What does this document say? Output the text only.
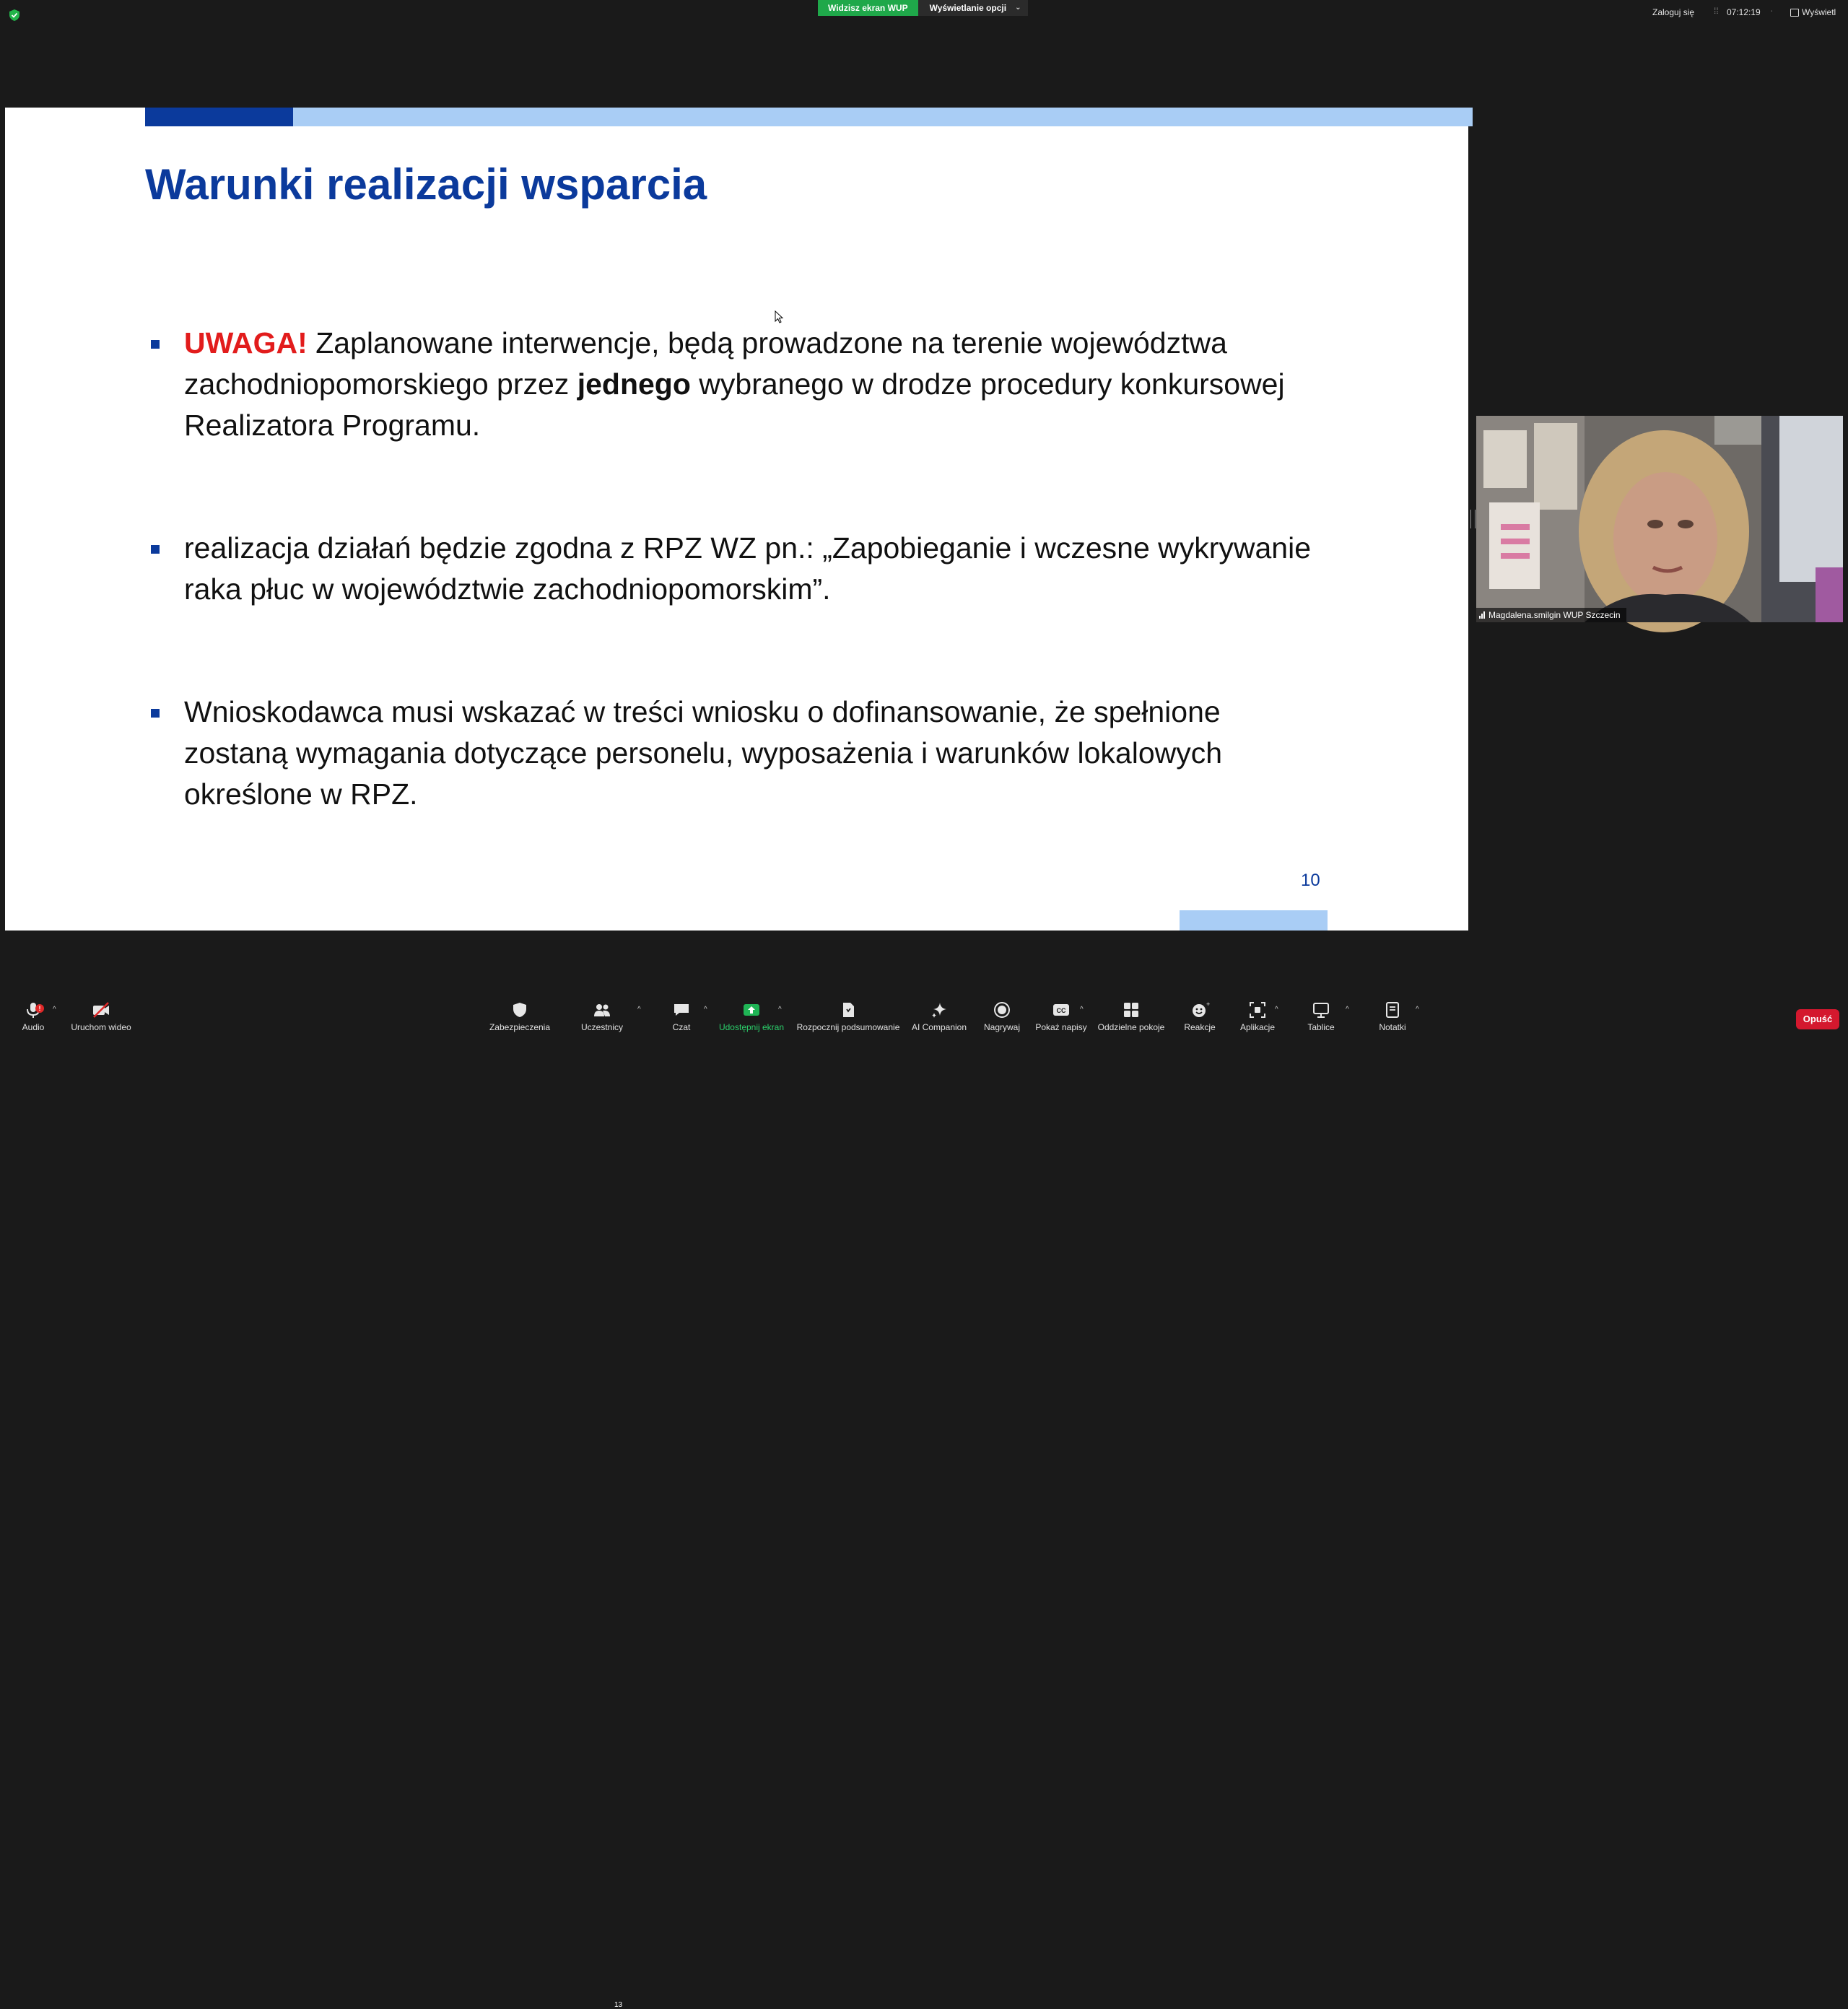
Widzisz ekran WUP	Wyświetlanie opcji ⌄	Zaloguj się ⁞⁞ 07:12:19 ·	Wyświetl
Warunki realizacji wsparcia
UWAGA! Zaplanowane interwencje, będą prowadzone na terenie województwa zachodniopomorskiego przez jednego wybranego w drodze procedury konkursowej Realizatora Programu.
realizacja działań będzie zgodna z RPZ WZ pn.: „Zapobieganie i wczesne wykrywanie raka płuc w województwie zachodniopomorskim”.
Wnioskodawca musi wskazać w treści wniosku o dofinansowanie, że spełnione zostaną wymagania dotyczące personelu, wyposażenia i warunków lokalowych określone w RPZ.
10
Magdalena.smilgin WUP Szczecin
Audio
^
Uruchom wideo	Zabezpieczenia	Uczestnicy
13
^
Czat
^
Udostępnij ekran
^
Rozpocznij podsumowanie AI Companion Nagrywaj
CC
Pokaż napisy
^
Oddzielne pokoje
+
Reakcje	Aplikacje
^
Tablice
^
Notatki
^
!
Opuść
